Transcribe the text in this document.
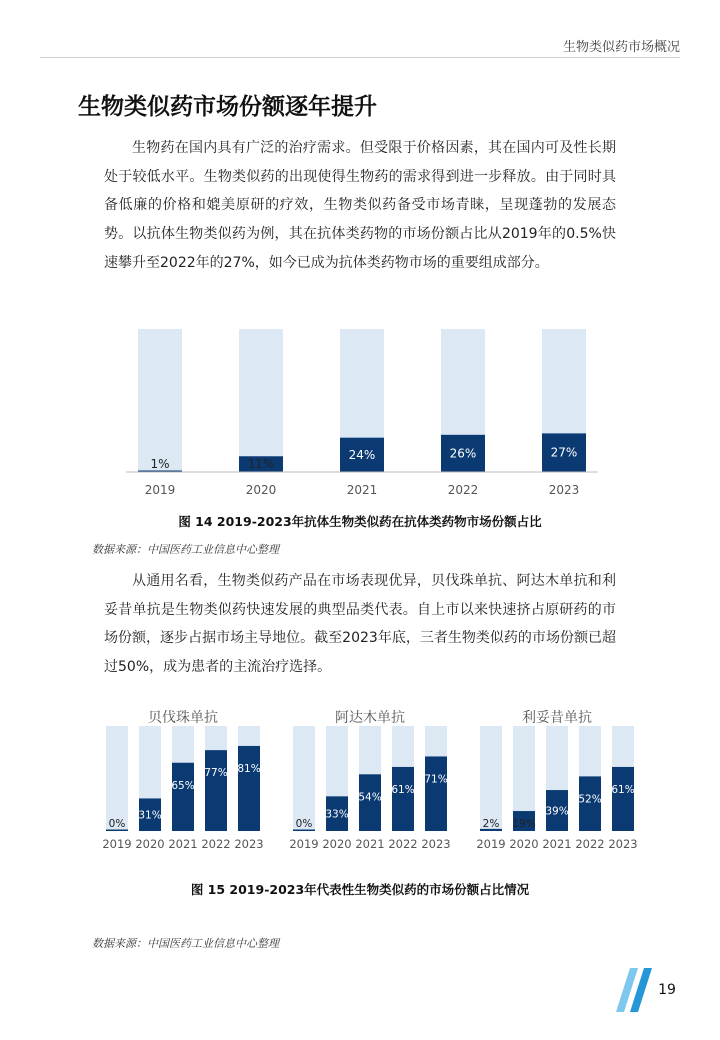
生物类似药市场概况
生物类似药市场份额逐年提升

生物药在国内具有广泛的治疗需求。但受限于价格因素，其在国内可及性长期处于较低水平。生物类似药的出现使得生物药的需求得到进一步释放。由于同时具备低廉的价格和媲美原研的疗效，生物类似药备受市场青睐，呈现蓬勃的发展态势。以抗体生物类似药为例，其在抗体类药物的市场份额占比从2019年的0.5%快速攀升至2022年的27%，如今已成为抗体类药物市场的重要组成部分。

1%
2019
11%
2020
24%
2021
26%
2022
27%
2023
图 14 2019-2023年抗体生物类似药在抗体类药物市场份额占比
数据来源：中国医药工业信息中心整理

从通用名看，生物类似药产品在市场表现优异，贝伐珠单抗、阿达木单抗和利妥昔单抗是生物类似药快速发展的典型品类代表。自上市以来快速挤占原研药的市场份额，逐步占据市场主导地位。截至2023年底，三者生物类似药的市场份额已超过50%，成为患者的主流治疗选择。

贝伐珠单抗
0%
2019
31%
2020
65%
2021
77%
2022
81%
2023
阿达木单抗
0%
2019
33%
2020
54%
2021
61%
2022
71%
2023
利妥昔单抗
2%
2019
19%
2020
39%
2021
52%
2022
61%
2023
图 15 2019-2023年代表性生物类似药的市场份额占比情况
数据来源：中国医药工业信息中心整理
19
